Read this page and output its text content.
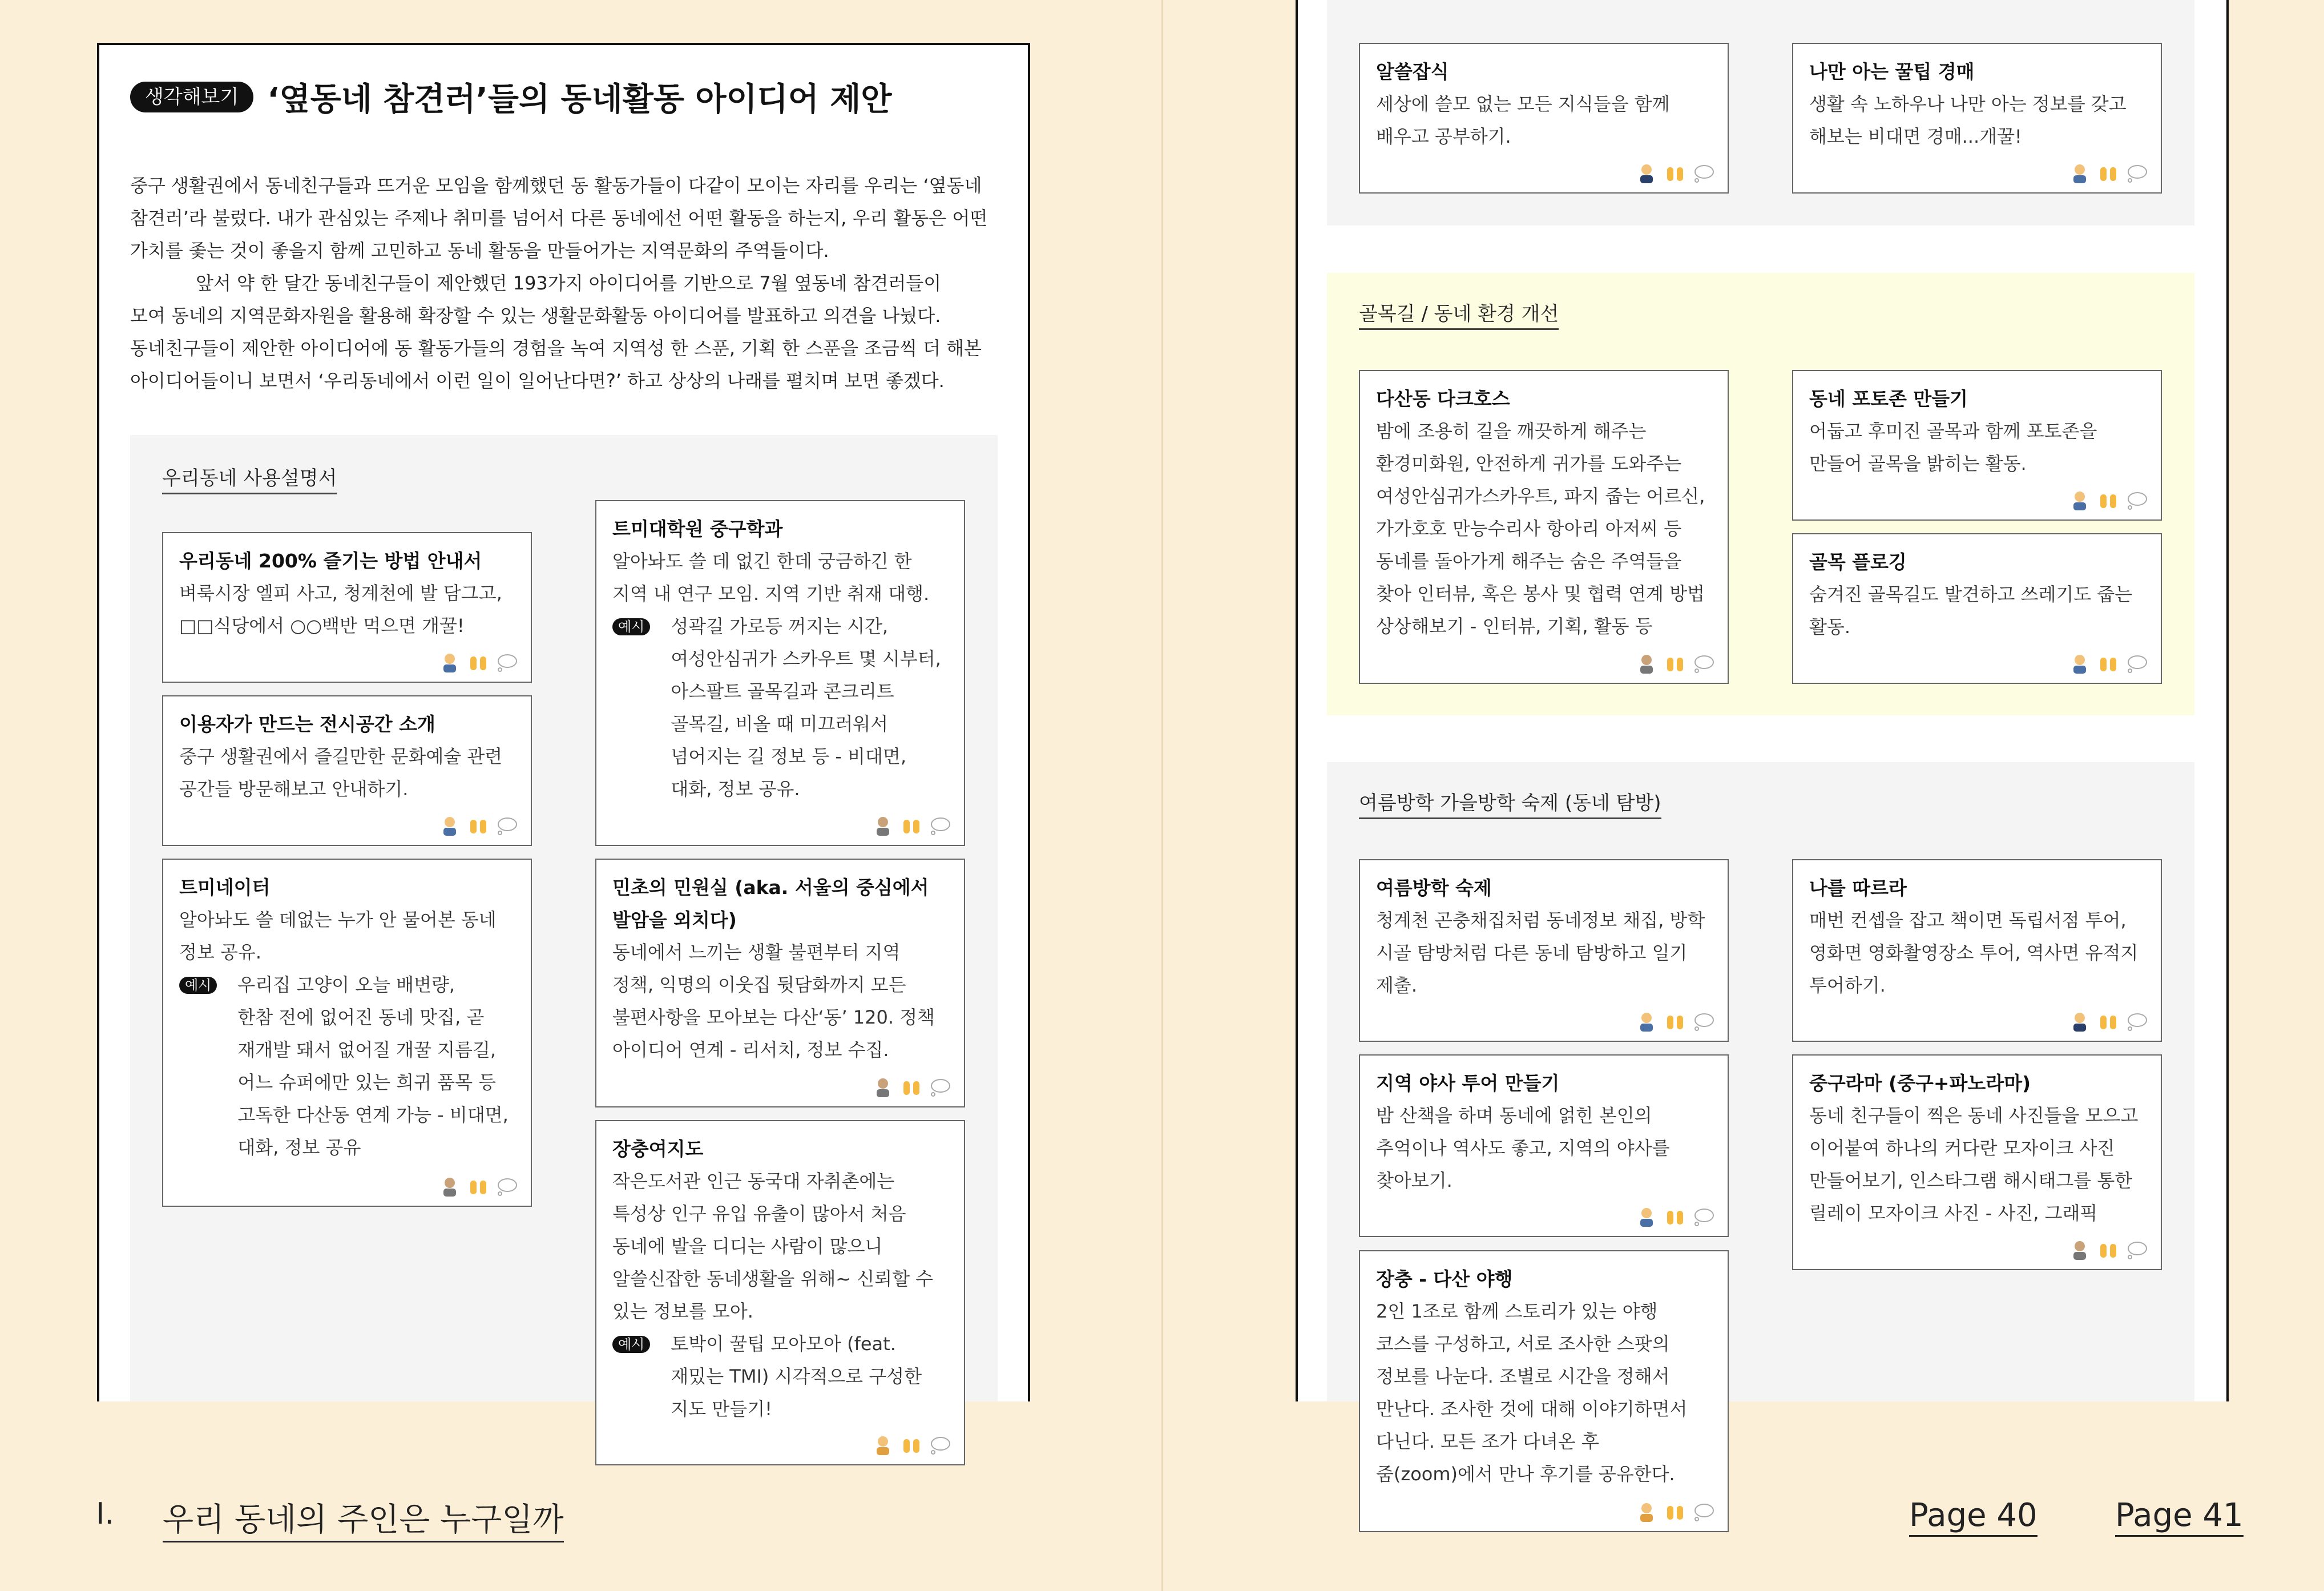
생각해보기 ‘옆동네 참견러’들의 동네활동 아이디어 제안
중구 생활권에서 동네친구들과 뜨거운 모임을 함께했던 동 활동가들이 다같이 모이는 자리를 우리는 ‘옆동네
참견러’라 불렀다. 내가 관심있는 주제나 취미를 넘어서 다른 동네에선 어떤 활동을 하는지, 우리 활동은 어떤
가치를 좇는 것이 좋을지 함께 고민하고 동네 활동을 만들어가는 지역문화의 주역들이다.
앞서 약 한 달간 동네친구들이 제안했던 193가지 아이디어를 기반으로 7월 옆동네 참견러들이
모여 동네의 지역문화자원을 활용해 확장할 수 있는 생활문화활동 아이디어를 발표하고 의견을 나눴다.
동네친구들이 제안한 아이디어에 동 활동가들의 경험을 녹여 지역성 한 스푼, 기획 한 스푼을 조금씩 더 해본
아이디어들이니 보면서 ‘우리동네에서 이런 일이 일어난다면?’ 하고 상상의 나래를 펼치며 보면 좋겠다.
우리동네 사용설명서
우리동네 200% 즐기는 방법 안내서
벼룩시장 엘피 사고, 청계천에 발 담그고,
□□식당에서 ○○백반 먹으면 개꿀!
이용자가 만드는 전시공간 소개
중구 생활권에서 즐길만한 문화예술 관련
공간들 방문해보고 안내하기.
트미네이터
알아놔도 쓸 데없는 누가 안 물어본 동네
정보 공유.
예시	우리집 고양이 오늘 배변량,
한참 전에 없어진 동네 맛집, 곧
재개발 돼서 없어질 개꿀 지름길,
어느 슈퍼에만 있는 희귀 품목 등
고독한 다산동 연계 가능 - 비대면,
대화, 정보 공유
트미대학원 중구학과
알아놔도 쓸 데 없긴 한데 궁금하긴 한
지역 내 연구 모임. 지역 기반 취재 대행.
예시	성곽길 가로등 꺼지는 시간,
여성안심귀가 스카우트 몇 시부터,
아스팔트 골목길과 콘크리트
골목길, 비올 때 미끄러워서
넘어지는 길 정보 등 - 비대면,
대화, 정보 공유.
민초의 민원실 (aka. 서울의 중심에서
발암을 외치다)
동네에서 느끼는 생활 불편부터 지역
정책, 익명의 이웃집 뒷담화까지 모든
불편사항을 모아보는 다산‘동’ 120. 정책
아이디어 연계 - 리서치, 정보 수집.
장충여지도
작은도서관 인근 동국대 자취촌에는
특성상 인구 유입 유출이 많아서 처음
동네에 발을 디디는 사람이 많으니
알쓸신잡한 동네생활을 위해~ 신뢰할 수
있는 정보를 모아.
예시	토박이 꿀팁 모아모아 (feat.
재밌는 TMI) 시각적으로 구성한
지도 만들기!
I. 우리 동네의 주인은 누구일까	Page 40
알쓸잡식
세상에 쓸모 없는 모든 지식들을 함께
배우고 공부하기.
나만 아는 꿀팁 경매
생활 속 노하우나 나만 아는 정보를 갖고
해보는 비대면 경매...개꿀!
골목길 / 동네 환경 개선
다산동 다크호스
밤에 조용히 길을 깨끗하게 해주는
환경미화원, 안전하게 귀가를 도와주는
여성안심귀가스카우트, 파지 줍는 어르신,
가가호호 만능수리사 항아리 아저씨 등
동네를 돌아가게 해주는 숨은 주역들을
찾아 인터뷰, 혹은 봉사 및 협력 연계 방법
상상해보기 - 인터뷰, 기획, 활동 등
동네 포토존 만들기
어둡고 후미진 골목과 함께 포토존을
만들어 골목을 밝히는 활동.
골목 플로깅
숨겨진 골목길도 발견하고 쓰레기도 줍는
활동.
여름방학 가을방학 숙제 (동네 탐방)
여름방학 숙제
청계천 곤충채집처럼 동네정보 채집, 방학
시골 탐방처럼 다른 동네 탐방하고 일기
제출.
나를 따르라
매번 컨셉을 잡고 책이면 독립서점 투어,
영화면 영화촬영장소 투어, 역사면 유적지
투어하기.
지역 야사 투어 만들기
밤 산책을 하며 동네에 얽힌 본인의
추억이나 역사도 좋고, 지역의 야사를
찾아보기.
중구라마 (중구+파노라마)
동네 친구들이 찍은 동네 사진들을 모으고
이어붙여 하나의 커다란 모자이크 사진
만들어보기, 인스타그램 해시태그를 통한
릴레이 모자이크 사진 - 사진, 그래픽
장충 - 다산 야행
2인 1조로 함께 스토리가 있는 야행
코스를 구성하고, 서로 조사한 스팟의
정보를 나눈다. 조별로 시간을 정해서
만난다. 조사한 것에 대해 이야기하면서
다닌다. 모든 조가 다녀온 후
줌(zoom)에서 만나 후기를 공유한다.
Page 41
